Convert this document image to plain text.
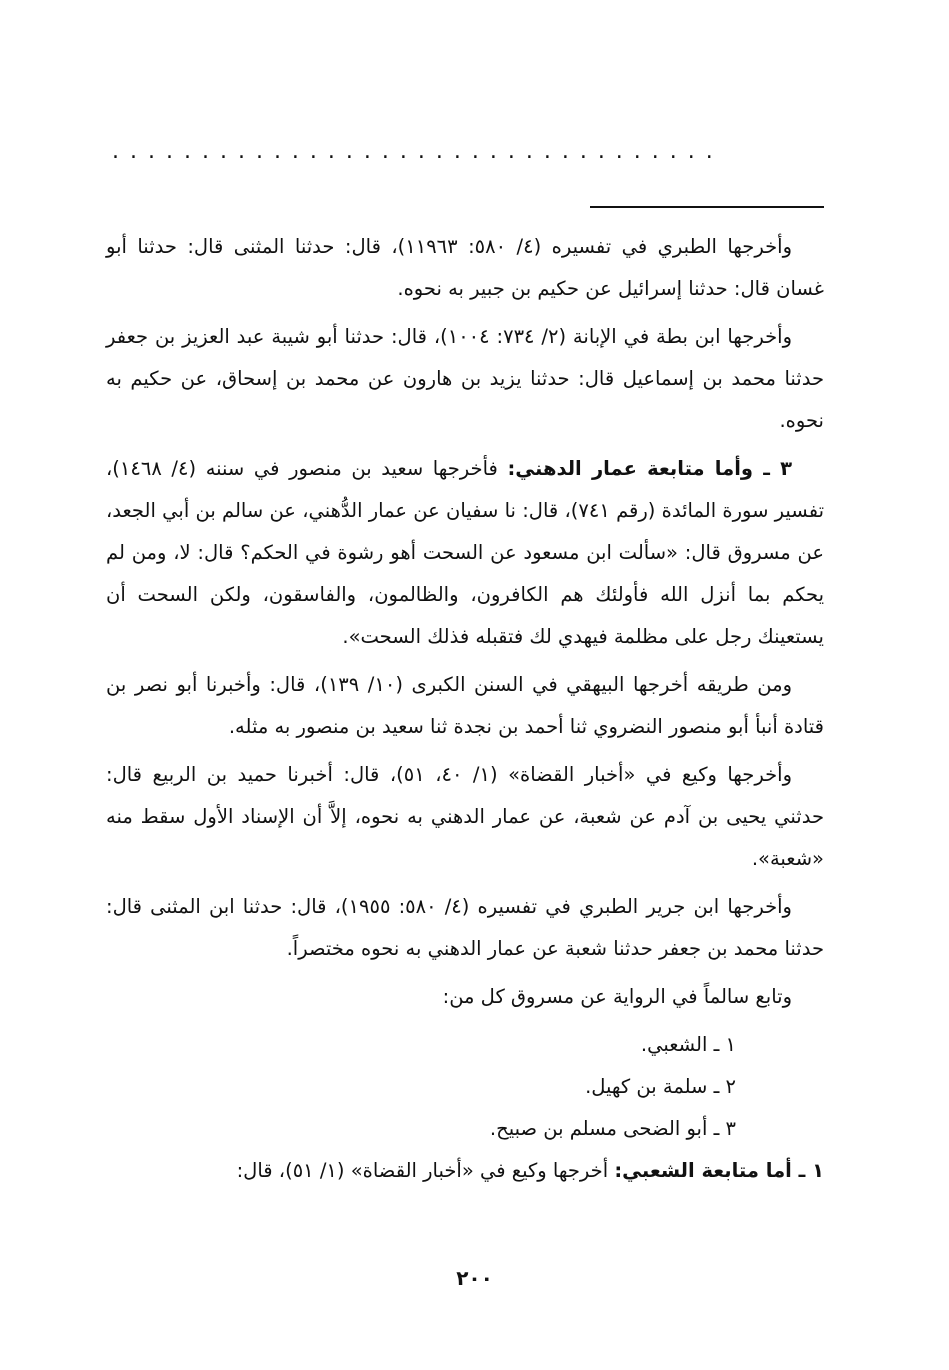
..................................

وأخرجها الطبري في تفسيره (٤/ ٥٨٠: ١١٩٦٣)، قال: حدثنا المثنى قال: حدثنا أبو غسان قال: حدثنا إسرائيل عن حكيم بن جبير به نحوه.

وأخرجها ابن بطة في الإبانة (٢/ ٧٣٤: ١٠٠٤)، قال: حدثنا أبو شيبة عبد العزيز بن جعفر حدثنا محمد بن إسماعيل قال: حدثنا يزيد بن هارون عن محمد بن إسحاق، عن حكيم به نحوه.

٣ ـ وأما متابعة عمار الدهني: فأخرجها سعيد بن منصور في سننه (٤/ ١٤٦٨)، تفسير سورة المائدة (رقم ٧٤١)، قال: نا سفيان عن عمار الدُّهني، عن سالم بن أبي الجعد، عن مسروق قال: «سألت ابن مسعود عن السحت أهو رشوة في الحكم؟ قال: لا، ومن لم يحكم بما أنزل الله فأولئك هم الكافرون، والظالمون، والفاسقون، ولكن السحت أن يستعينك رجل على مظلمة فيهدي لك فتقبله فذلك السحت».

ومن طريقه أخرجها البيهقي في السنن الكبرى (١٠/ ١٣٩)، قال: وأخبرنا أبو نصر بن قتادة أنبأ أبو منصور النضروي ثنا أحمد بن نجدة ثنا سعيد بن منصور به مثله.

وأخرجها وكيع في «أخبار القضاة» (١/ ٤٠، ٥١)، قال: أخبرنا حميد بن الربيع قال: حدثني يحيى بن آدم عن شعبة، عن عمار الدهني به نحوه، إلاَّ أن الإسناد الأول سقط منه «شعبة».

وأخرجها ابن جرير الطبري في تفسيره (٤/ ٥٨٠: ١٩٥٥)، قال: حدثنا ابن المثنى قال: حدثنا محمد بن جعفر حدثنا شعبة عن عمار الدهني به نحوه مختصراً.

وتابع سالماً في الرواية عن مسروق كل من:

١ ـ الشعبي.

٢ ـ سلمة بن كهيل.

٣ ـ أبو الضحى مسلم بن صبيح.

١ ـ أما متابعة الشعبي: أخرجها وكيع في «أخبار القضاة» (١/ ٥١)، قال:

٢٠٠
